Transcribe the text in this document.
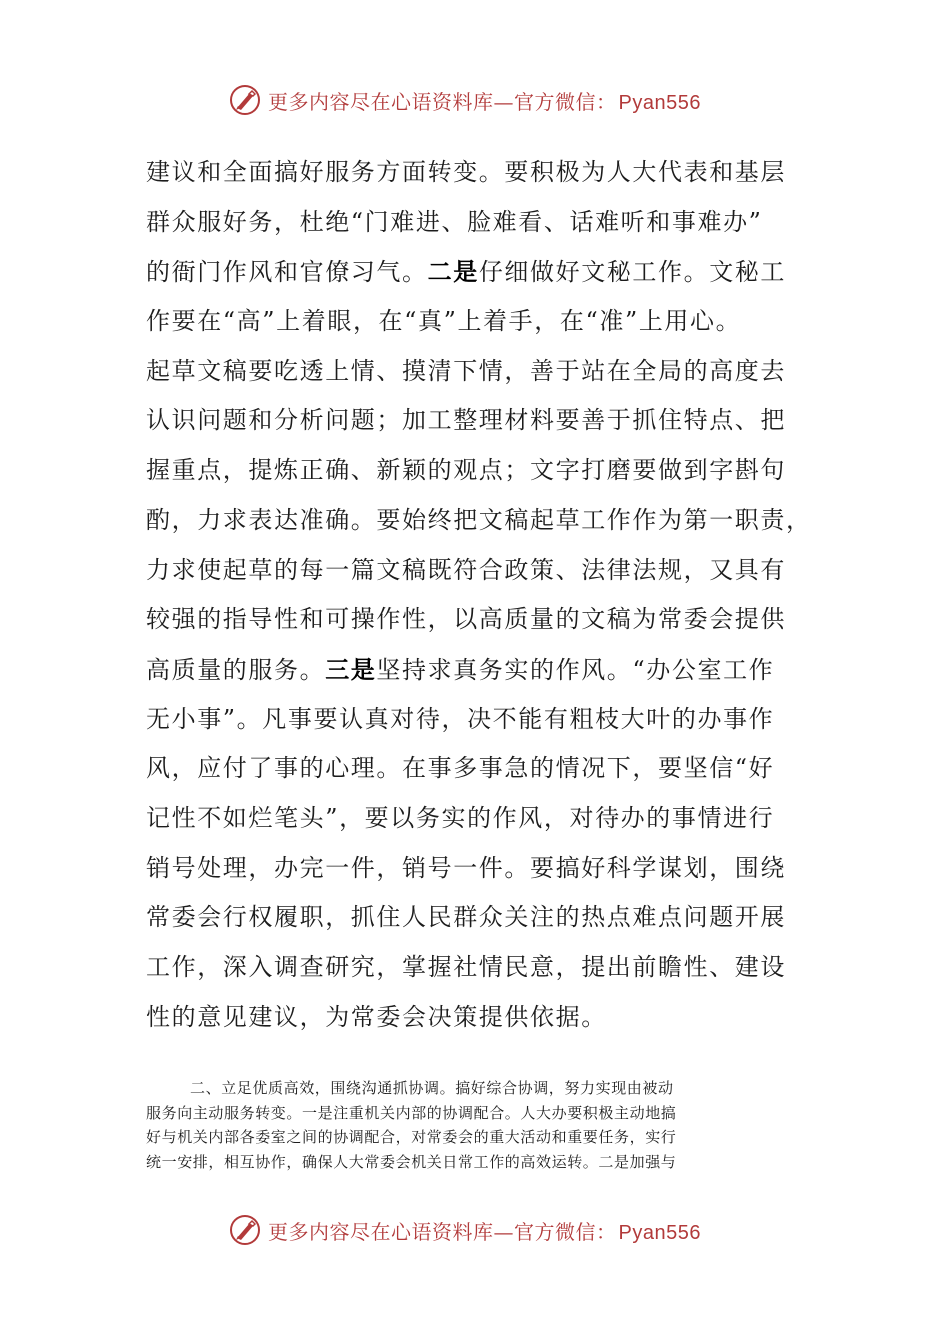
更多内容尽在心语资料库—官方微信： Pyan556
建议和全面搞好服务方面转变。要积极为人大代表和基层
群众服好务，杜绝“门难进、脸难看、话难听和事难办”
的衙门作风和官僚习气。二是仔细做好文秘工作。文秘工
作要在“高”上着眼，在“真”上着手，在“准”上用心。
起草文稿要吃透上情、摸清下情，善于站在全局的高度去
认识问题和分析问题；加工整理材料要善于抓住特点、把
握重点，提炼正确、新颖的观点；文字打磨要做到字斟句
酌，力求表达准确。要始终把文稿起草工作作为第一职责，
力求使起草的每一篇文稿既符合政策、法律法规，又具有
较强的指导性和可操作性，以高质量的文稿为常委会提供
高质量的服务。三是坚持求真务实的作风。“办公室工作
无小事”。凡事要认真对待，决不能有粗枝大叶的办事作
风，应付了事的心理。在事多事急的情况下，要坚信“好
记性不如烂笔头”，要以务实的作风，对待办的事情进行
销号处理，办完一件，销号一件。要搞好科学谋划，围绕
常委会行权履职，抓住人民群众关注的热点难点问题开展
工作，深入调查研究，掌握社情民意，提出前瞻性、建设
性的意见建议，为常委会决策提供依据。
二、立足优质高效，围绕沟通抓协调。搞好综合协调，努力实现由被动
服务向主动服务转变。一是注重机关内部的协调配合。人大办要积极主动地搞
好与机关内部各委室之间的协调配合，对常委会的重大活动和重要任务，实行
统一安排，相互协作，确保人大常委会机关日常工作的高效运转。二是加强与
更多内容尽在心语资料库—官方微信： Pyan556
